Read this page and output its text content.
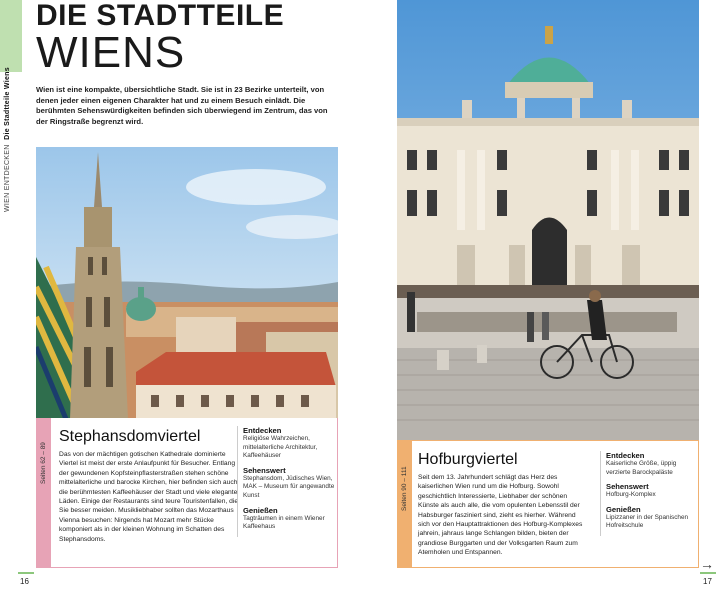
DIE STADTTEILE
WIENS
Wien ist eine kompakte, übersichtliche Stadt. Sie ist in 23 Bezirke unterteilt, von denen jeder einen eigenen Charakter hat und zu einem Besuch einlädt. Die berühmten Sehenswürdigkeiten befinden sich überwiegend im Zentrum, das von der Ringstraße begrenzt wird.
WIEN ENTDECKEN  Die Stadtteile Wiens
Seiten 62 – 89
Stephansdomviertel
Das von der mächtigen gotischen Kathedrale dominierte Viertel ist meist der erste Anlaufpunkt für Besucher. Entlang der gewundenen Kopfsteinpflasterstraßen stehen schöne mittelalterliche und barocke Kirchen, hier befinden sich auch die berühmtesten Kaffeehäuser der Stadt und viele elegante Läden. Einige der Restaurants sind teure Touristenfallen, die Sie besser meiden. Musikliebhaber sollten das Mozarthaus Vienna besuchen: Nirgends hat Mozart mehr Stücke komponiert als in der kleinen Wohnung im Schatten des Stephansdoms.
Entdecken

Religiöse Wahrzeichen, mittelalterliche Architektur, Kaffeehäuser

Sehenswert

Stephansdom, Jüdisches Wien, MAK – Museum für angewandte Kunst

Genießen

Tagträumen in einem Wiener Kaffeehaus

16
Seiten 90 – 111
Hofburgviertel
Seit dem 13. Jahrhundert schlägt das Herz des kaiserlichen Wien rund um die Hofburg. Sowohl geschichtlich Interessierte, Liebhaber der schönen Künste als auch alle, die vom opulenten Lebensstil der Habsburger fasziniert sind, zieht es hierher. Während sich vor den Hauptattraktionen des Hofburg-Komplexes jahrein, jahraus lange Schlangen bilden, bieten der grandiose Burggarten und der Volksgarten Raum zum Atemholen und Entspannen.
Entdecken

Kaiserliche Größe, üppig verzierte Barockpaläste

Sehenswert

Hofburg-Komplex

Genießen

Lipizzaner in der Spanischen Hofreitschule

→
17
